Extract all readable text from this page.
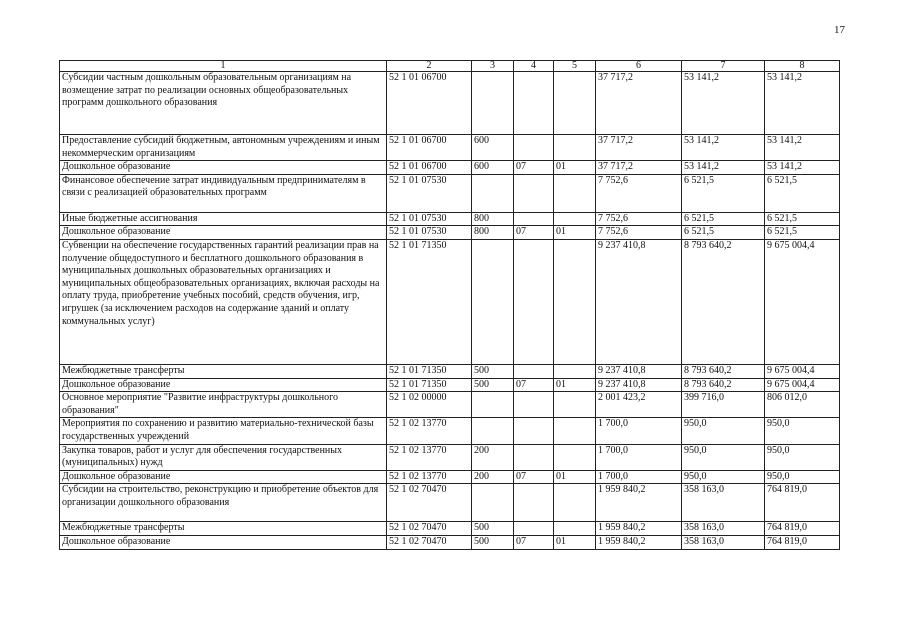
17
1	2	3	4	5	6	7	8
Субсидии частным дошкольным образовательным организациям на возмещение затрат по реализации основных общеобразовательных программ дошкольного образования	52 1 01 06700				37 717,2	53 141,2	53 141,2
Предоставление субсидий бюджетным, автономным учреждениям и иным некоммерческим организациям	52 1 01 06700	600			37 717,2	53 141,2	53 141,2
Дошкольное образование	52 1 01 06700	600	07	01	37 717,2	53 141,2	53 141,2
Финансовое обеспечение затрат индивидуальным предпринимателям в связи с реализацией образовательных программ	52 1 01 07530				7 752,6	6 521,5	6 521,5
Иные бюджетные ассигнования	52 1 01 07530	800			7 752,6	6 521,5	6 521,5
Дошкольное образование	52 1 01 07530	800	07	01	7 752,6	6 521,5	6 521,5
Субвенции на обеспечение государственных гарантий реализации прав на получение общедоступного и бесплатного дошкольного образования в муниципальных дошкольных образовательных организациях и муниципальных общеобразовательных организациях, включая расходы на оплату труда, приобретение учебных пособий, средств обучения, игр, игрушек (за исключением расходов на содержание зданий и оплату коммунальных услуг)	52 1 01 71350				9 237 410,8	8 793 640,2	9 675 004,4
Межбюджетные трансферты	52 1 01 71350	500			9 237 410,8	8 793 640,2	9 675 004,4
Дошкольное образование	52 1 01 71350	500	07	01	9 237 410,8	8 793 640,2	9 675 004,4
Основное мероприятие "Развитие инфраструктуры дошкольного образования"	52 1 02 00000				2 001 423,2	399 716,0	806 012,0
Мероприятия по сохранению и развитию материально-технической базы государственных учреждений	52 1 02 13770				1 700,0	950,0	950,0
Закупка товаров, работ и услуг для обеспечения государственных (муниципальных) нужд	52 1 02 13770	200			1 700,0	950,0	950,0
Дошкольное образование	52 1 02 13770	200	07	01	1 700,0	950,0	950,0
Субсидии на строительство, реконструкцию и приобретение объектов для организации дошкольного образования	52 1 02 70470				1 959 840,2	358 163,0	764 819,0
Межбюджетные трансферты	52 1 02 70470	500			1 959 840,2	358 163,0	764 819,0
Дошкольное образование	52 1 02 70470	500	07	01	1 959 840,2	358 163,0	764 819,0
